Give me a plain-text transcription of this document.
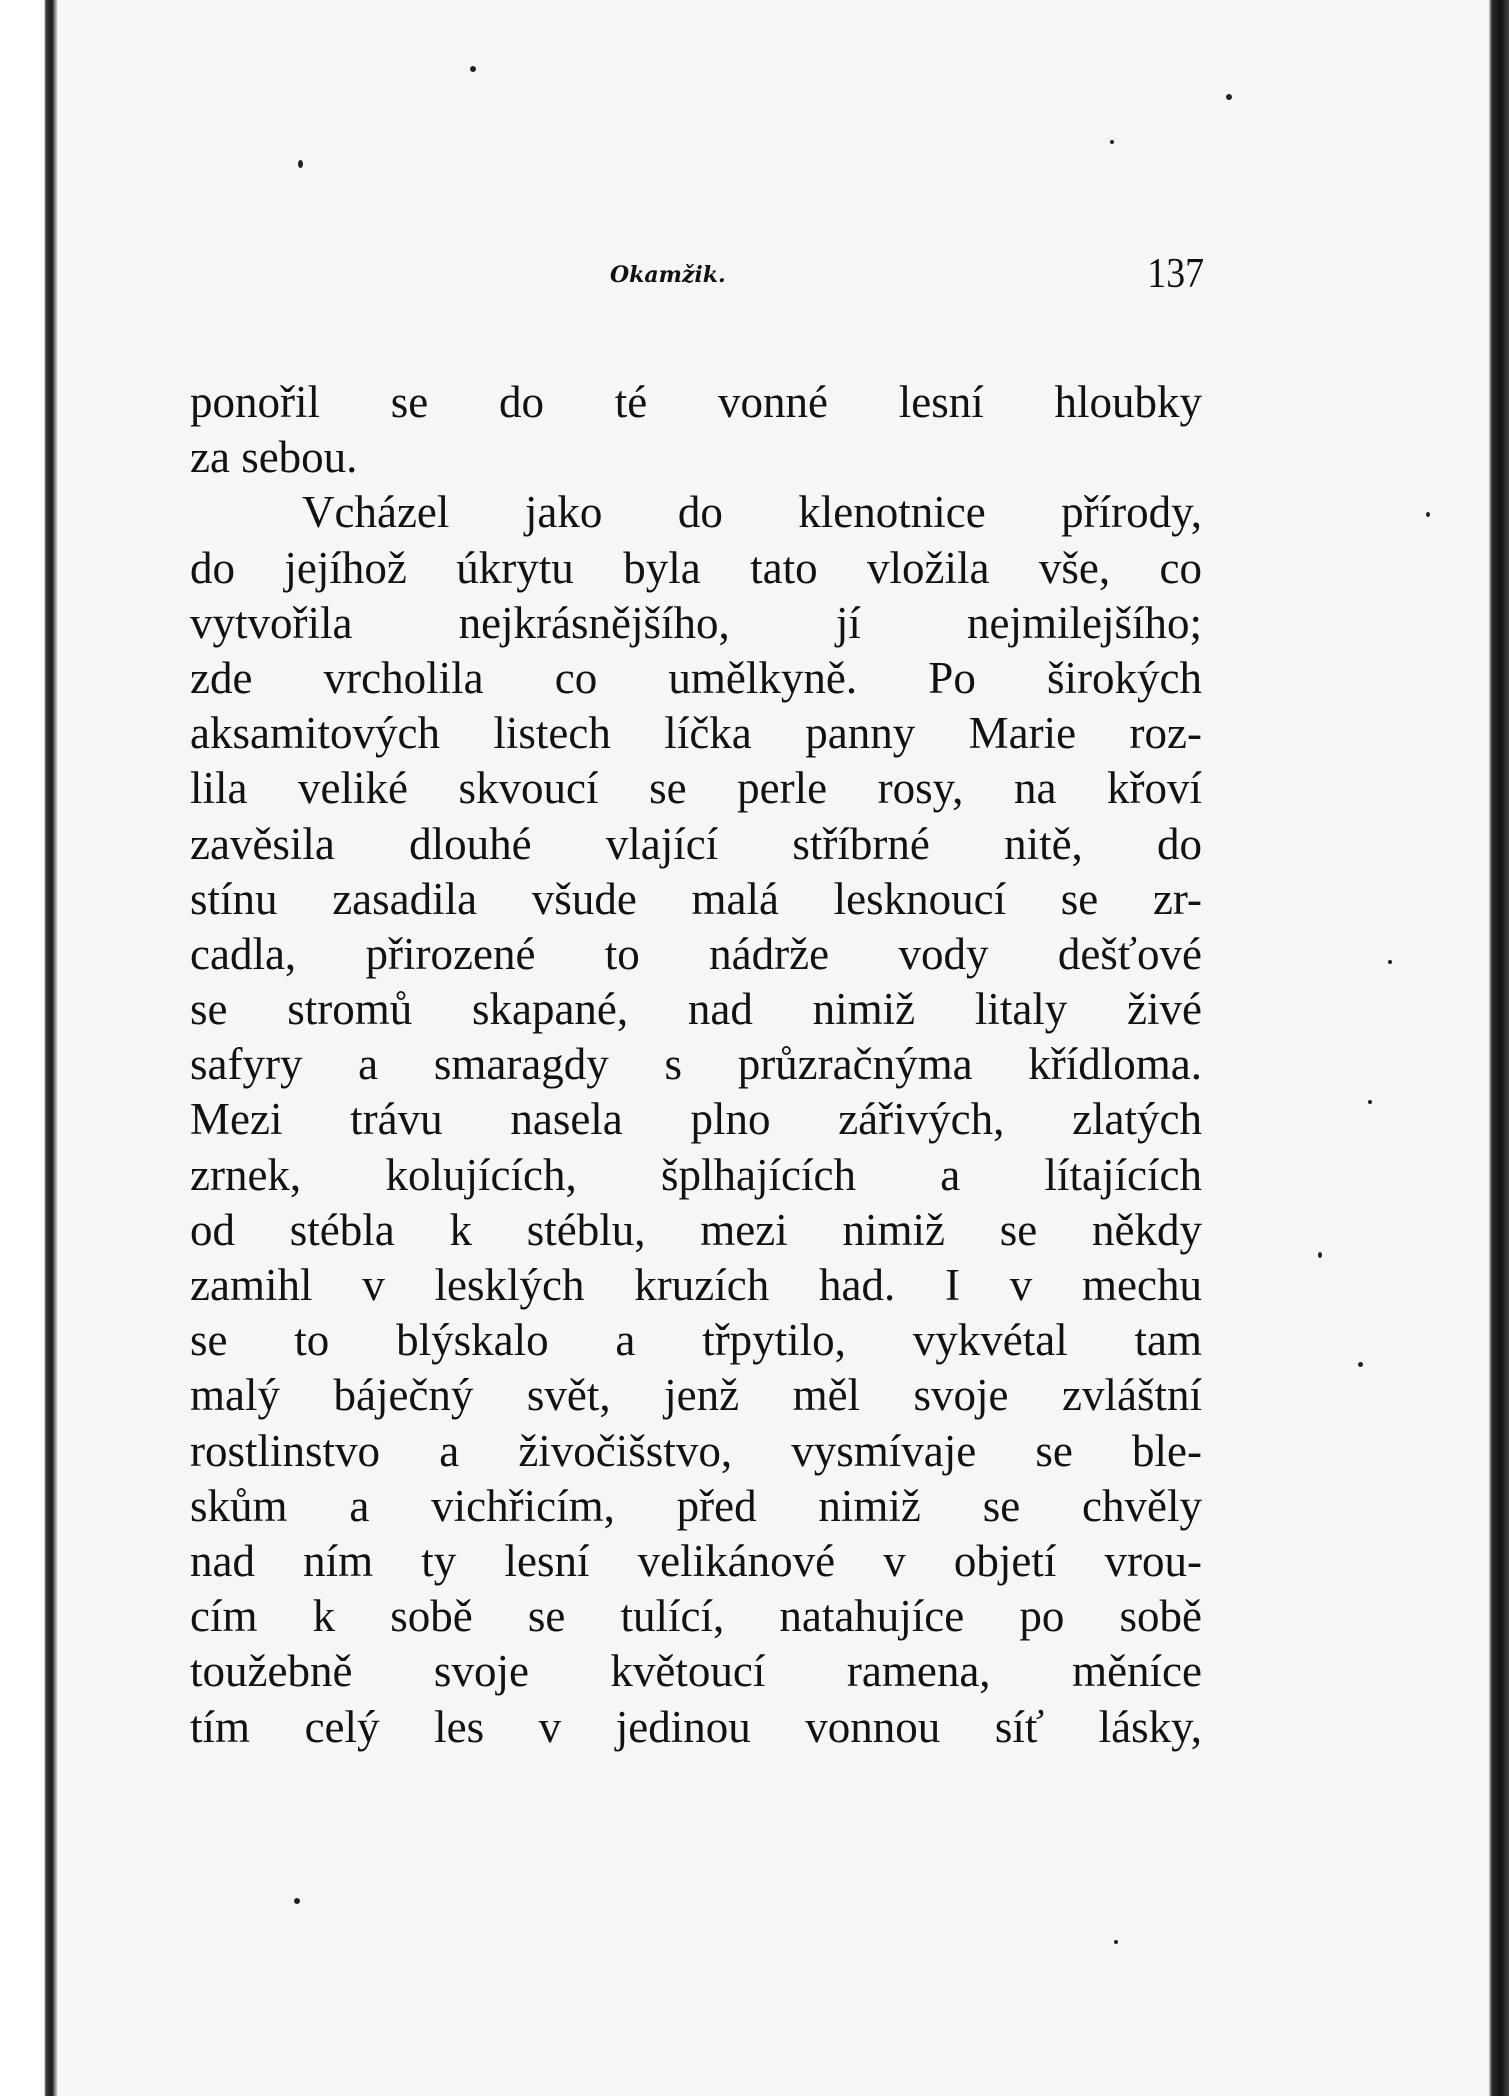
Okamžik.	137
ponořil se do té vonné lesní hloubky
za sebou.
Vcházel jako do klenotnice přírody,
do jejíhož úkrytu byla tato vložila vše, co
vytvořila nejkrásnějšího, jí nejmilejšího;
zde vrcholila co umělkyně. Po širokých
aksamitových listech líčka panny Marie roz-
lila veliké skvoucí se perle rosy, na křoví
zavěsila dlouhé vlající stříbrné nitě, do
stínu zasadila všude malá lesknoucí se zr-
cadla, přirozené to nádrže vody dešťové
se stromů skapané, nad nimiž litaly živé
safyry a smaragdy s průzračnýma křídloma.
Mezi trávu nasela plno zářivých, zlatých
zrnek, kolujících, šplhajících a lítajících
od stébla k stéblu, mezi nimiž se někdy
zamihl v lesklých kruzích had. I v mechu
se to blýskalo a třpytilo, vykvétal tam
malý báječný svět, jenž měl svoje zvláštní
rostlinstvo a živočišstvo, vysmívaje se ble-
skům a vichřicím, před nimiž se chvěly
nad ním ty lesní velikánové v objetí vrou-
cím k sobě se tulící, natahujíce po sobě
toužebně svoje květoucí ramena, měníce
tím celý les v jedinou vonnou síť lásky,
